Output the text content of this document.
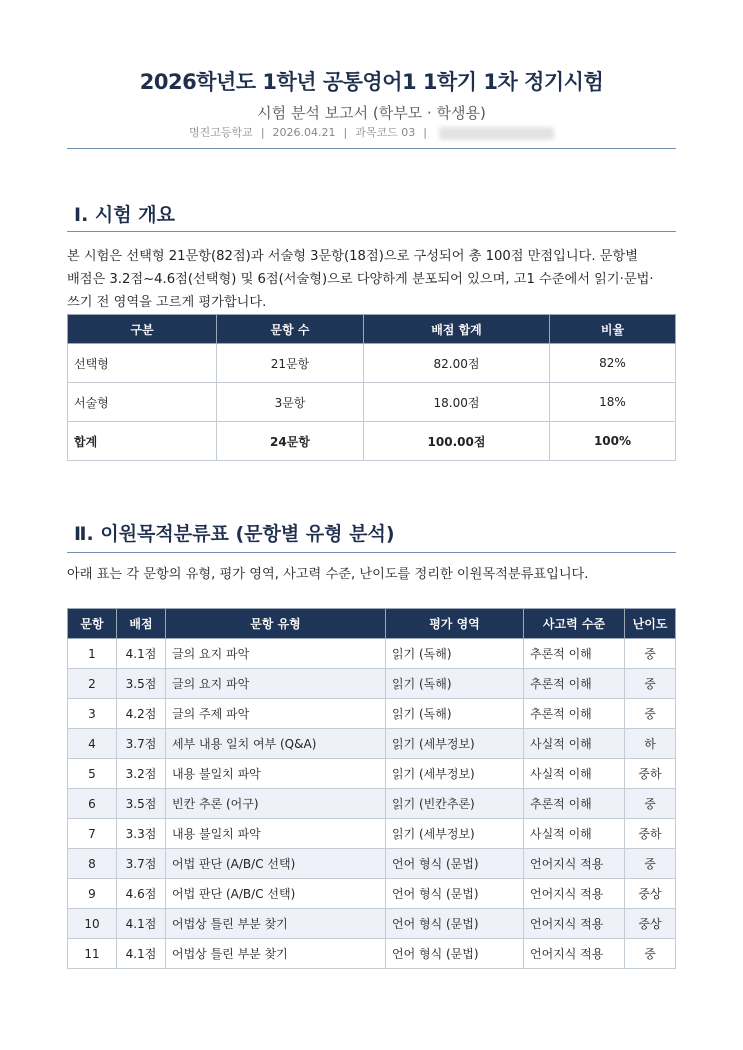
2026학년도 1학년 공통영어1 1학기 1차 정기시험
시험 분석 보고서 (학부모 · 학생용)
명진고등학교 | 2026.04.21 | 과목코드 03 |
Ⅰ. 시험 개요
본 시험은 선택형 21문항(82점)과 서술형 3문항(18점)으로 구성되어 총 100점 만점입니다. 문항별 배점은 3.2점~4.6점(선택형) 및 6점(서술형)으로 다양하게 분포되어 있으며, 고1 수준에서 읽기·문법·쓰기 전 영역을 고르게 평가합니다.
구분	문항 수	배점 합계	비율
선택형	21문항	82.00점	82%
서술형	3문항	18.00점	18%
합계	24문항	100.00점	100%
Ⅱ. 이원목적분류표 (문항별 유형 분석)
아래 표는 각 문항의 유형, 평가 영역, 사고력 수준, 난이도를 정리한 이원목적분류표입니다.
문항	배점	문항 유형	평가 영역	사고력 수준	난이도
1	4.1점	글의 요지 파악	읽기 (독해)	추론적 이해	중
2	3.5점	글의 요지 파악	읽기 (독해)	추론적 이해	중
3	4.2점	글의 주제 파악	읽기 (독해)	추론적 이해	중
4	3.7점	세부 내용 일치 여부 (Q&A)	읽기 (세부정보)	사실적 이해	하
5	3.2점	내용 불일치 파악	읽기 (세부정보)	사실적 이해	중하
6	3.5점	빈칸 추론 (어구)	읽기 (빈칸추론)	추론적 이해	중
7	3.3점	내용 불일치 파악	읽기 (세부정보)	사실적 이해	중하
8	3.7점	어법 판단 (A/B/C 선택)	언어 형식 (문법)	언어지식 적용	중
9	4.6점	어법 판단 (A/B/C 선택)	언어 형식 (문법)	언어지식 적용	중상
10	4.1점	어법상 틀린 부분 찾기	언어 형식 (문법)	언어지식 적용	중상
11	4.1점	어법상 틀린 부분 찾기	언어 형식 (문법)	언어지식 적용	중
